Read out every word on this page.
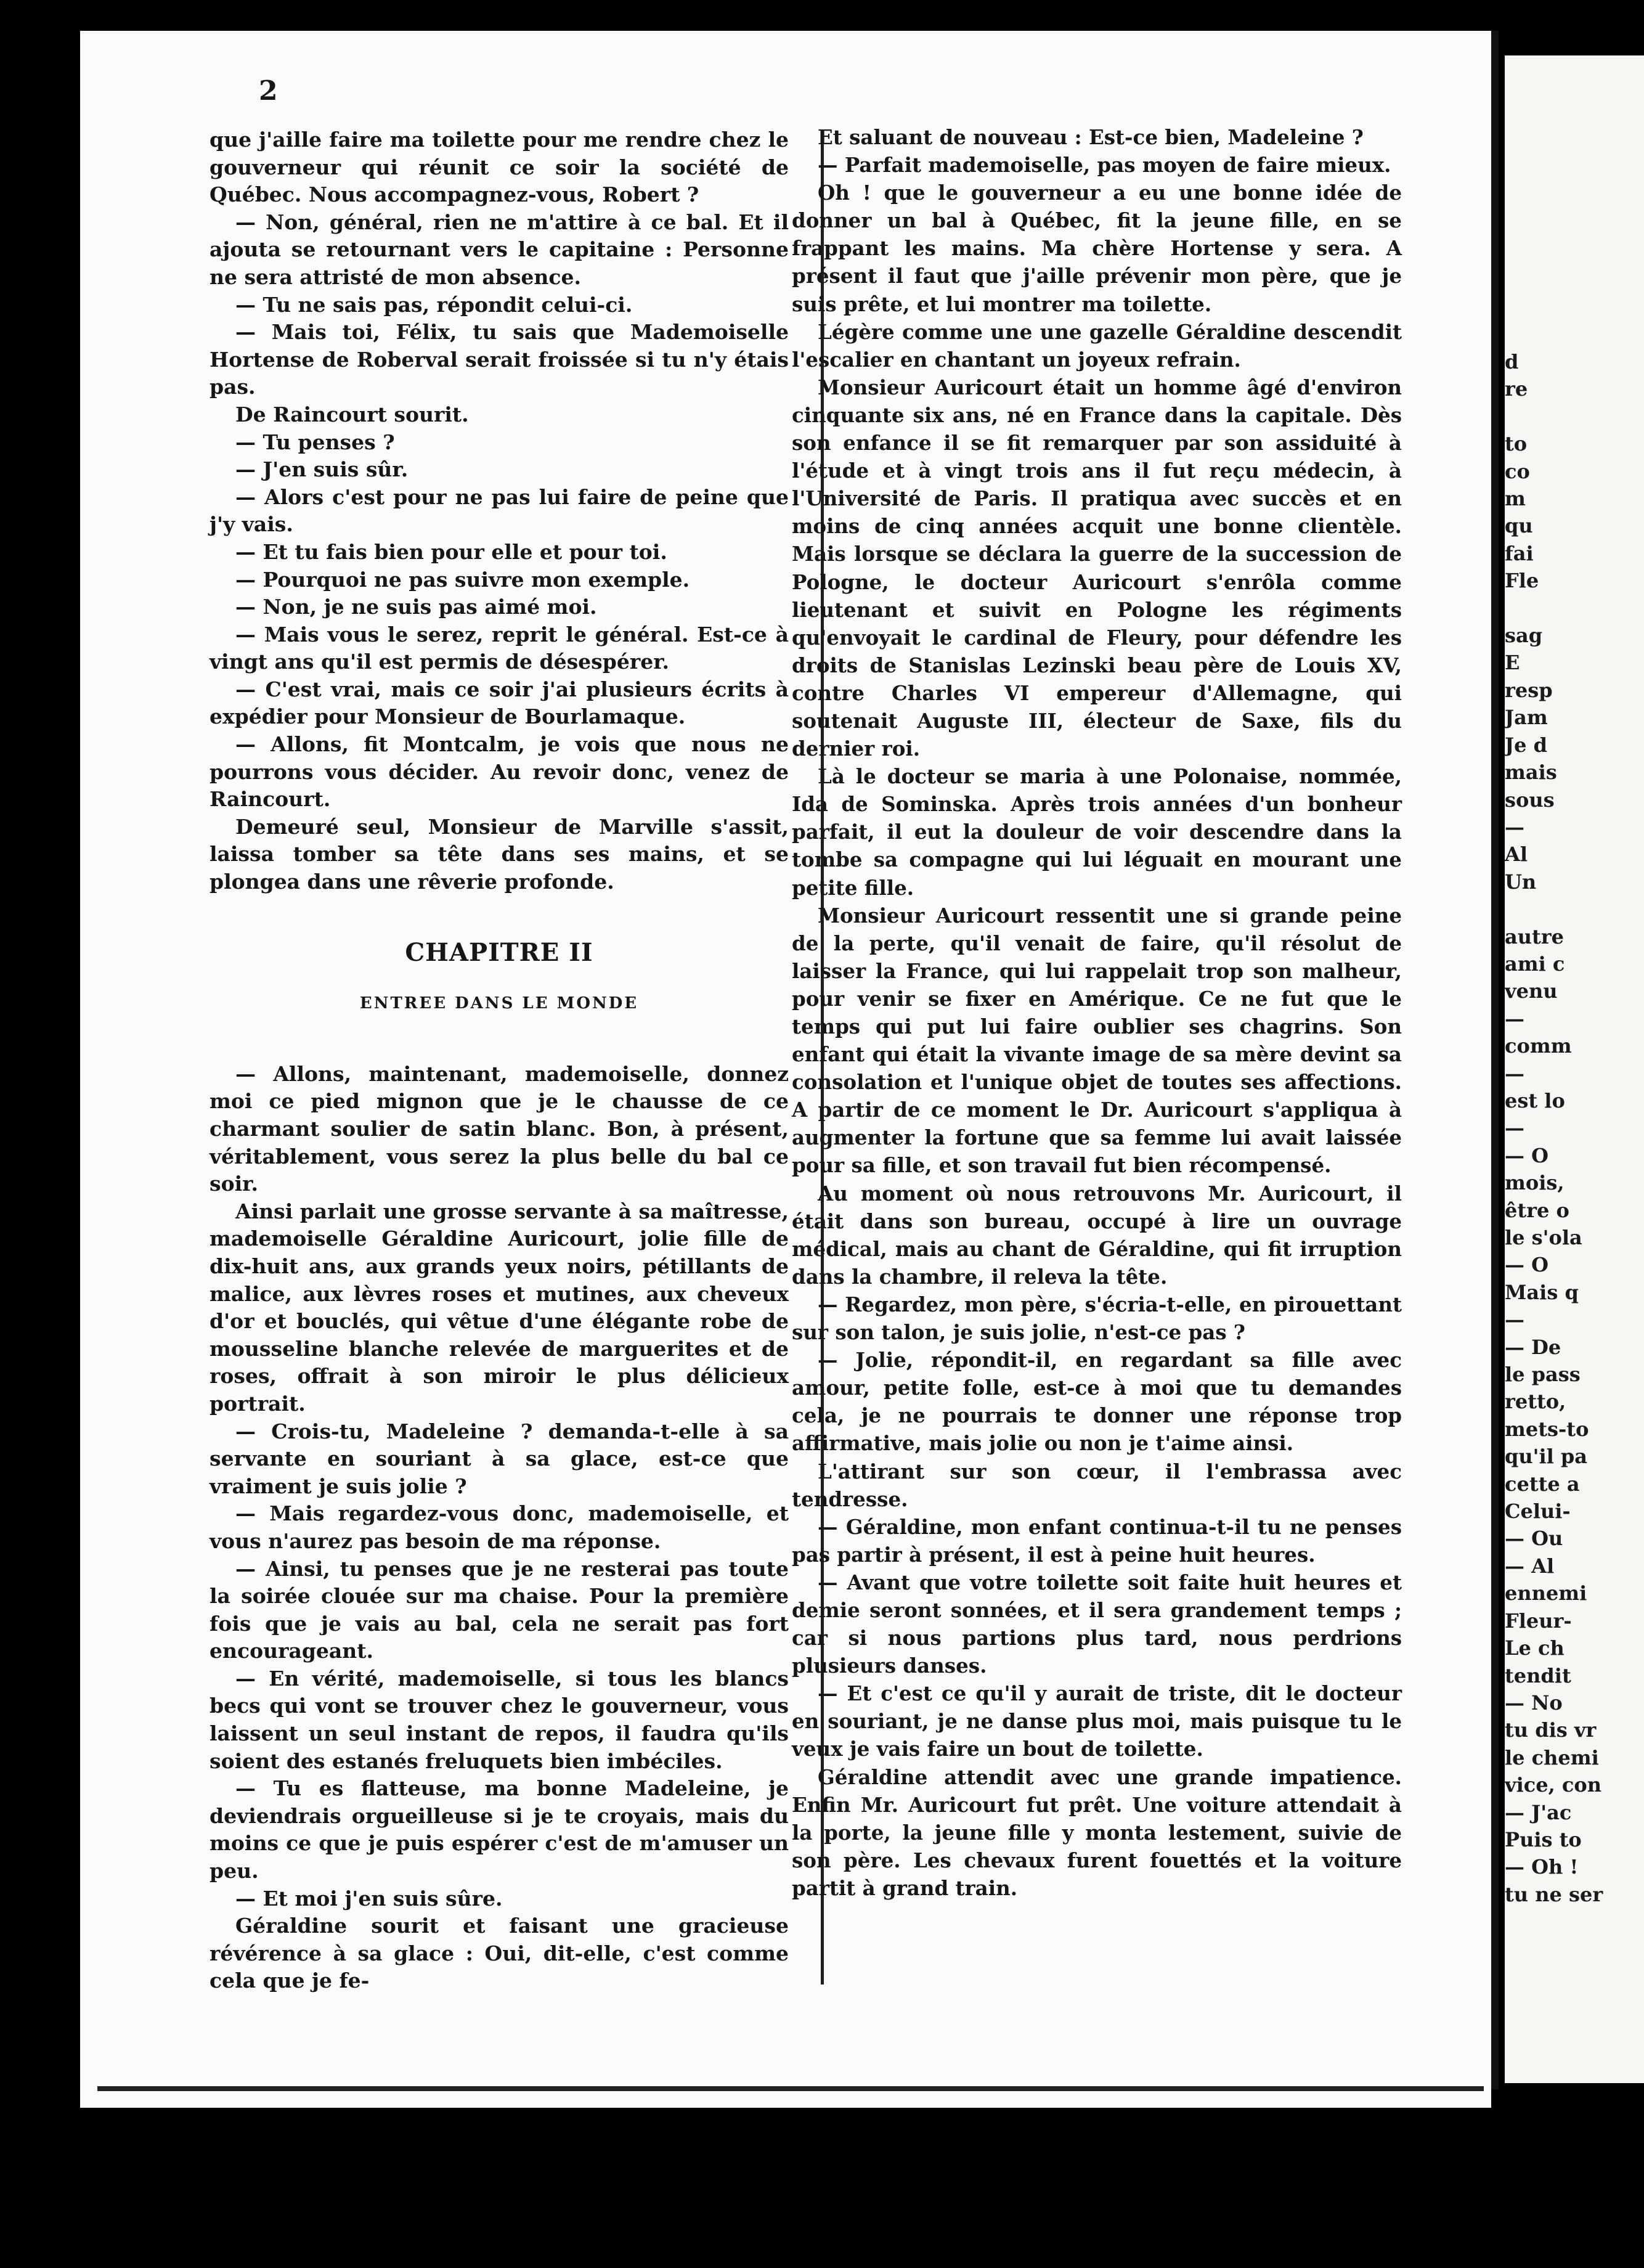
d
re

to
co
m
qu
fai
Fle

sag
E
resp
Jam
Je d
mais
sous
—
Al
Un

autre
ami c
venu
—
comm
—
est lo
—
— O
mois,
être o
le s'ola
— O
Mais q
—
— De
le pass
retto,
mets-to
qu'il pa
cette a
Celui-
— Ou
— Al
ennemi
Fleur-
Le ch
tendit
— No
tu dis vr
le chemi
vice, con
— J'ac
Puis to
— Oh !
tu ne ser
2

que j'aille faire ma toilette pour me rendre chez le gouverneur qui réunit ce soir la société de Québec. Nous accompagnez-vous, Robert ?

— Non, général, rien ne m'attire à ce bal. Et il ajouta se retournant vers le capitaine : Personne ne sera attristé de mon absence.

— Tu ne sais pas, répondit celui-ci.

— Mais toi, Félix, tu sais que Mademoiselle Hortense de Roberval serait froissée si tu n'y étais pas.

De Raincourt sourit.

— Tu penses ?

— J'en suis sûr.

— Alors c'est pour ne pas lui faire de peine que j'y vais.

— Et tu fais bien pour elle et pour toi.

— Pourquoi ne pas suivre mon exemple.

— Non, je ne suis pas aimé moi.

— Mais vous le serez, reprit le général. Est-ce à vingt ans qu'il est permis de désespérer.

— C'est vrai, mais ce soir j'ai plusieurs écrits à expédier pour Monsieur de Bourlamaque.

— Allons, fit Montcalm, je vois que nous ne pourrons vous décider. Au revoir donc, venez de Raincourt.

Demeuré seul, Monsieur de Marville s'assit, laissa tomber sa tête dans ses mains, et se plongea dans une rêverie profonde.

CHAPITRE II

ENTREE DANS LE MONDE

— Allons, maintenant, mademoiselle, donnez moi ce pied mignon que je le chausse de ce charmant soulier de satin blanc. Bon, à présent, véritablement, vous serez la plus belle du bal ce soir.

Ainsi parlait une grosse servante à sa maîtresse, mademoiselle Géraldine Auricourt, jolie fille de dix-huit ans, aux grands yeux noirs, pétillants de malice, aux lèvres roses et mutines, aux cheveux d'or et bouclés, qui vêtue d'une élégante robe de mousseline blanche relevée de marguerites et de roses, offrait à son miroir le plus délicieux portrait.

— Crois-tu, Madeleine ? demanda-t-elle à sa servante en souriant à sa glace, est-ce que vraiment je suis jolie ?

— Mais regardez-vous donc, mademoiselle, et vous n'aurez pas besoin de ma réponse.

— Ainsi, tu penses que je ne resterai pas toute la soirée clouée sur ma chaise. Pour la première fois que je vais au bal, cela ne serait pas fort encourageant.

— En vérité, mademoiselle, si tous les blancs becs qui vont se trouver chez le gouverneur, vous laissent un seul instant de repos, il faudra qu'ils soient des estanés freluquets bien imbéciles.

— Tu es flatteuse, ma bonne Madeleine, je deviendrais orgueilleuse si je te croyais, mais du moins ce que je puis espérer c'est de m'amuser un peu.

— Et moi j'en suis sûre.

Géraldine sourit et faisant une gracieuse révérence à sa glace : Oui, dit-elle, c'est comme cela que je fe-

Et saluant de nouveau : Est-ce bien, Madeleine ?

— Parfait mademoiselle, pas moyen de faire mieux.

Oh ! que le gouverneur a eu une bonne idée de donner un bal à Québec, fit la jeune fille, en se frappant les mains. Ma chère Hortense y sera. A présent il faut que j'aille prévenir mon père, que je suis prête, et lui montrer ma toilette.

Légère comme une une gazelle Géraldine descendit l'escalier en chantant un joyeux refrain.

Monsieur Auricourt était un homme âgé d'environ cinquante six ans, né en France dans la capitale. Dès son enfance il se fit remarquer par son assiduité à l'étude et à vingt trois ans il fut reçu médecin, à l'Université de Paris. Il pratiqua avec succès et en moins de cinq années acquit une bonne clientèle. Mais lorsque se déclara la guerre de la succession de Pologne, le docteur Auricourt s'enrôla comme lieutenant et suivit en Pologne les régiments qu'envoyait le cardinal de Fleury, pour défendre les droits de Stanislas Lezinski beau père de Louis XV, contre Charles VI empereur d'Allemagne, qui soutenait Auguste III, électeur de Saxe, fils du dernier roi.

Là le docteur se maria à une Polonaise, nommée, Ida de Sominska. Après trois années d'un bonheur parfait, il eut la douleur de voir descendre dans la tombe sa compagne qui lui léguait en mourant une petite fille.

Monsieur Auricourt ressentit une si grande peine de la perte, qu'il venait de faire, qu'il résolut de laisser la France, qui lui rappelait trop son malheur, pour venir se fixer en Amérique. Ce ne fut que le temps qui put lui faire oublier ses chagrins. Son enfant qui était la vivante image de sa mère devint sa consolation et l'unique objet de toutes ses affections. A partir de ce moment le Dr. Auricourt s'appliqua à augmenter la fortune que sa femme lui avait laissée pour sa fille, et son travail fut bien récompensé.

Au moment où nous retrouvons Mr. Auricourt, il était dans son bureau, occupé à lire un ouvrage médical, mais au chant de Géraldine, qui fit irruption dans la chambre, il releva la tête.

— Regardez, mon père, s'écria-t-elle, en pirouettant sur son talon, je suis jolie, n'est-ce pas ?

— Jolie, répondit-il, en regardant sa fille avec amour, petite folle, est-ce à moi que tu demandes cela, je ne pourrais te donner une réponse trop affirmative, mais jolie ou non je t'aime ainsi.

L'attirant sur son cœur, il l'embrassa avec tendresse.

— Géraldine, mon enfant continua-t-il tu ne penses pas partir à présent, il est à peine huit heures.

— Avant que votre toilette soit faite huit heures et demie seront sonnées, et il sera grandement temps ; car si nous partions plus tard, nous perdrions plusieurs danses.

— Et c'est ce qu'il y aurait de triste, dit le docteur en souriant, je ne danse plus moi, mais puisque tu le veux je vais faire un bout de toilette.

Géraldine attendit avec une grande impatience. Enfin Mr. Auricourt fut prêt. Une voiture attendait à la porte, la jeune fille y monta lestement, suivie de son père. Les chevaux furent fouettés et la voiture partit à grand train.
